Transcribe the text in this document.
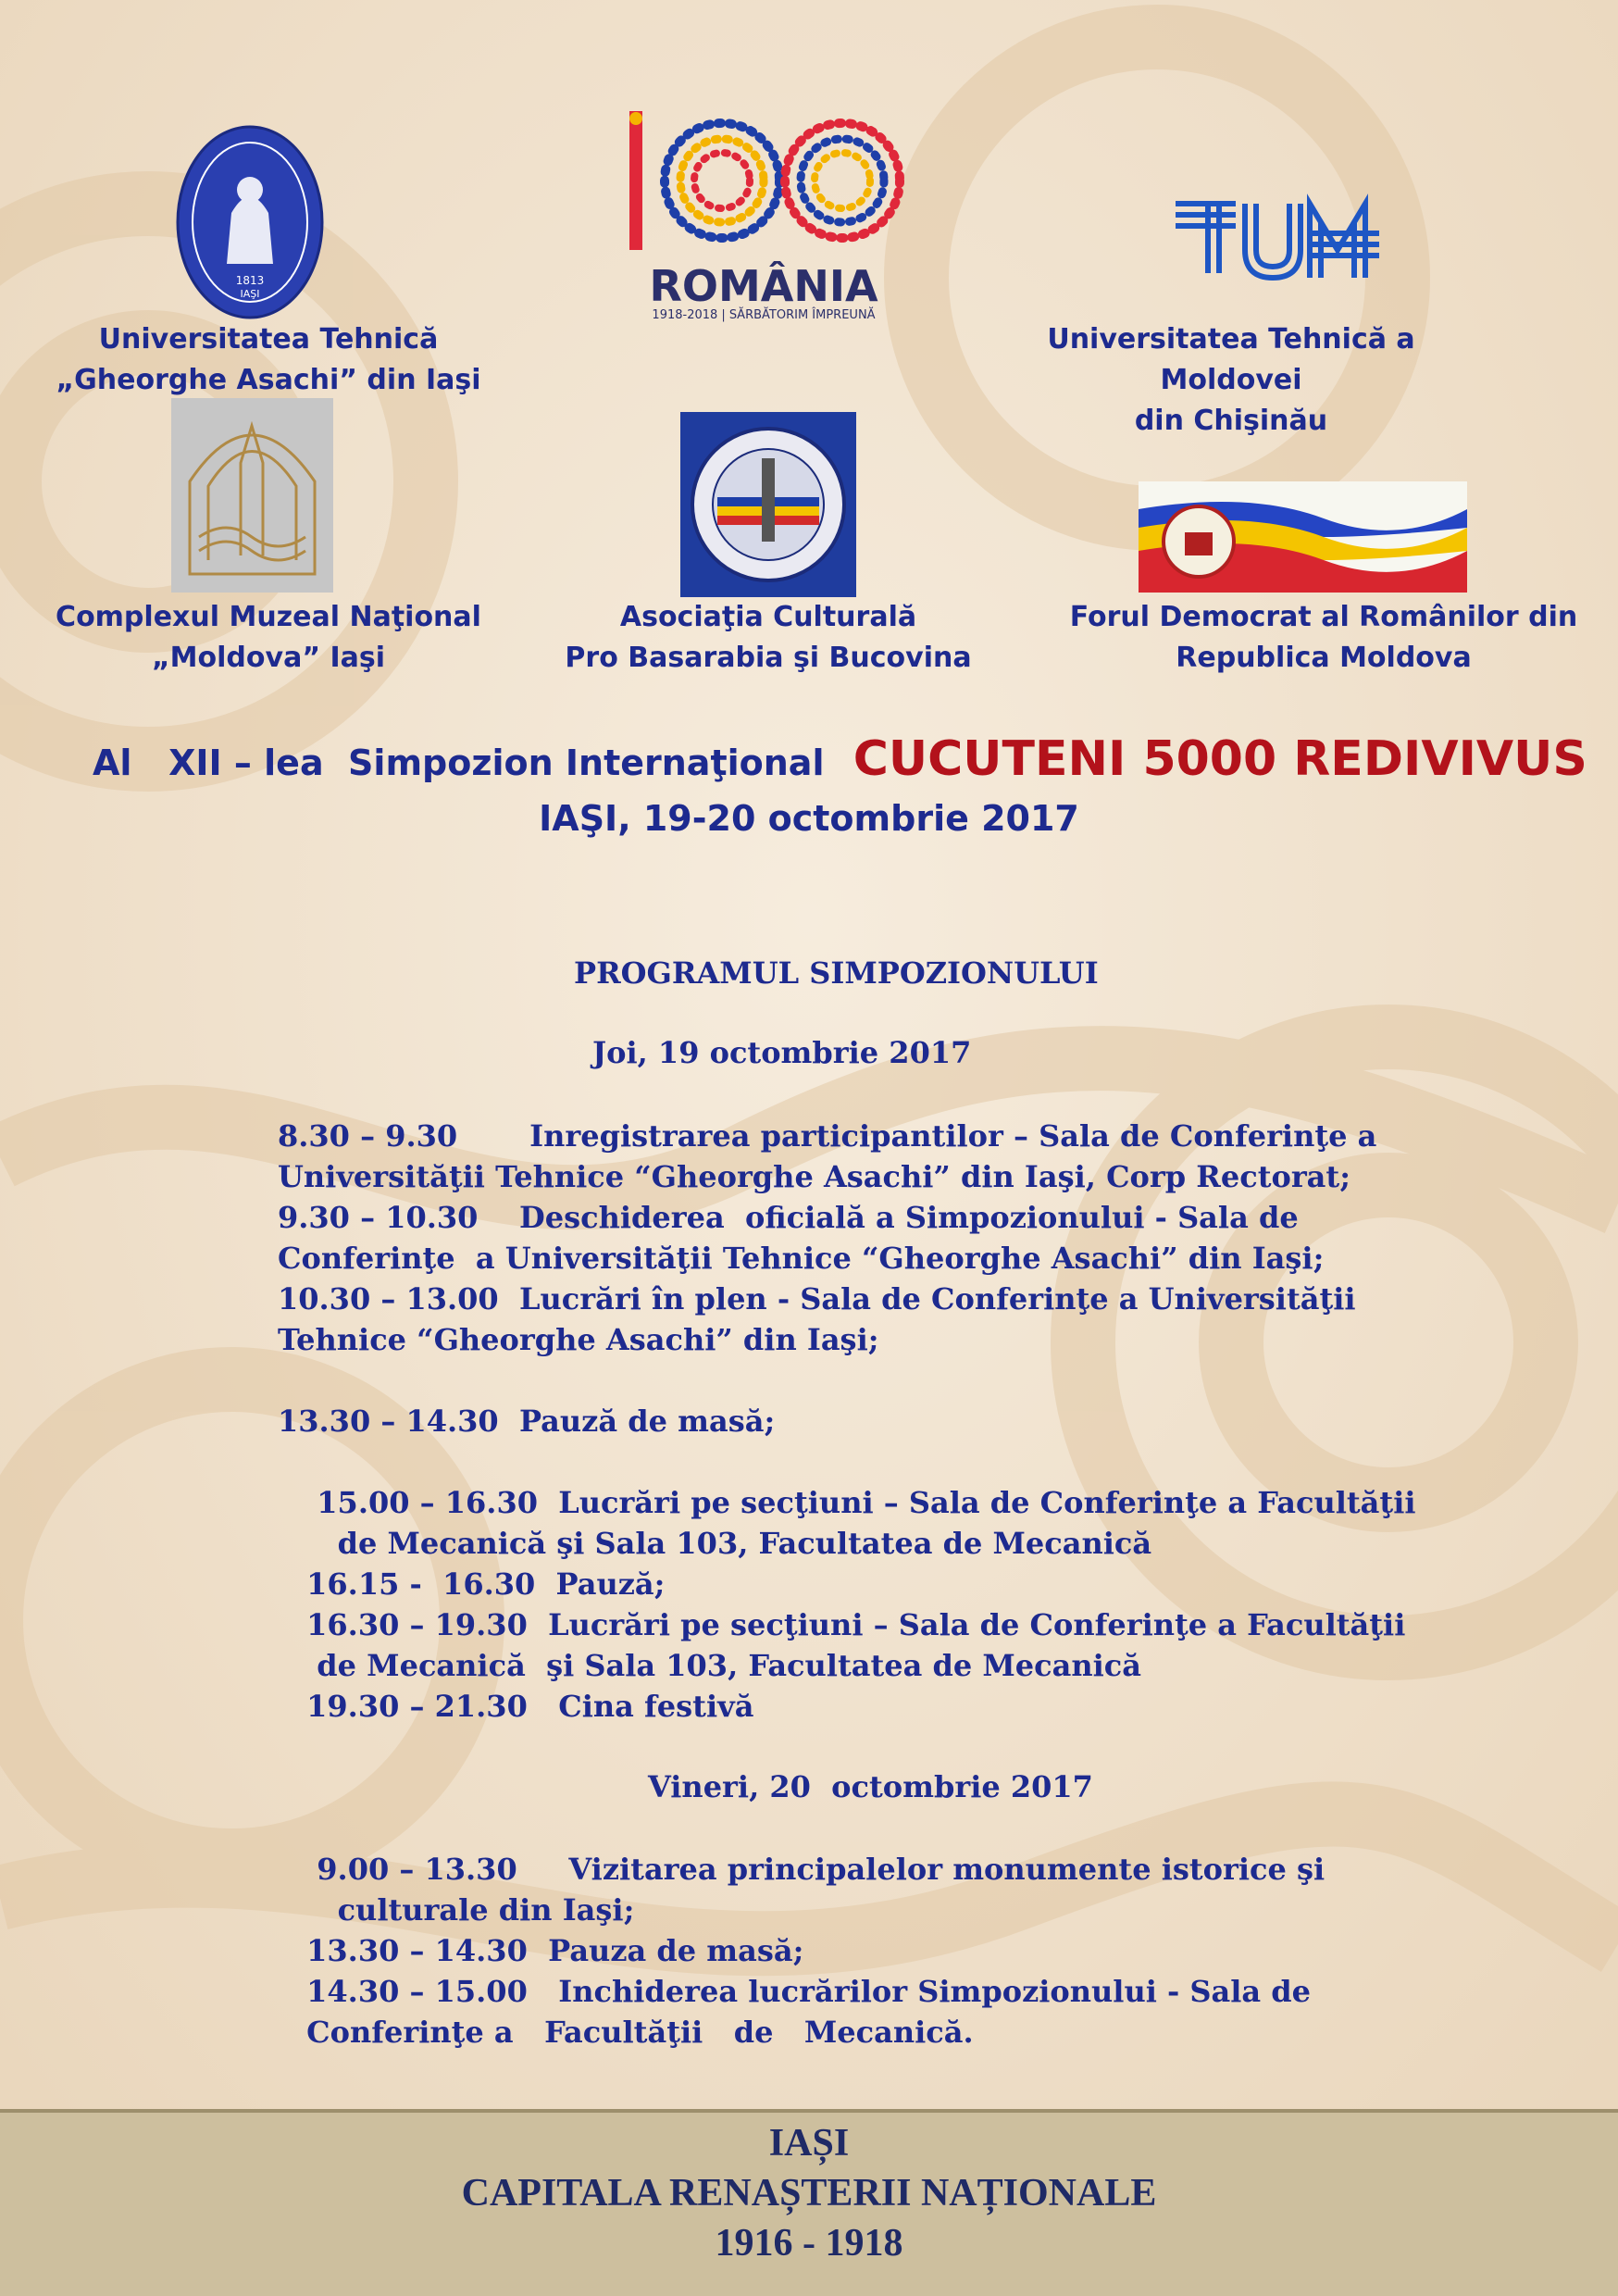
1813
IAŞI	ROMÂNIA
1918-2018 | SĂRBĂTORIM ÎMPREUNĂ
Universitatea Tehnică
„Gheorghe Asachi” din Iaşi
Universitatea Tehnică a Moldovei
din Chişinău
Complexul Muzeal Naţional
„Moldova” Iaşi
Asociaţia Culturală
Pro Basarabia şi Bucovina
Forul Democrat al Românilor din
Republica Moldova
Al   XII – lea  Simpozion Internaţional CUCUTENI 5000 REDIVIVUS
IAŞI, 19-20 octombrie 2017
PROGRAMUL SIMPOZIONULUI
Joi, 19 octombrie 2017
8.30 – 9.30       Inregistrarea participantilor – Sala de Conferinţe a
Universităţii Tehnice “Gheorghe Asachi” din Iaşi, Corp Rectorat;
9.30 – 10.30    Deschiderea  oficială a Simpozionului - Sala de
Conferinţe  a Universităţii Tehnice “Gheorghe Asachi” din Iaşi;
10.30 – 13.00  Lucrări în plen - Sala de Conferinţe a Universităţii
Tehnice “Gheorghe Asachi” din Iaşi;
13.30 – 14.30  Pauză de masă;
15.00 – 16.30  Lucrări pe secţiuni – Sala de Conferinţe a Facultăţii
de Mecanică şi Sala 103, Facultatea de Mecanică
16.15 -  16.30  Pauză;
16.30 – 19.30  Lucrări pe secţiuni – Sala de Conferinţe a Facultăţii
de Mecanică  şi Sala 103, Facultatea de Mecanică
19.30 – 21.30   Cina festivă
Vineri, 20  octombrie 2017
9.00 – 13.30     Vizitarea principalelor monumente istorice şi
culturale din Iaşi;
13.30 – 14.30  Pauza de masă;
14.30 – 15.00   Inchiderea lucrărilor Simpozionului - Sala de
Conferinţe a   Facultăţii   de   Mecanică.
IAȘI
CAPITALA RENAȘTERII NAȚIONALE
1916 - 1918
